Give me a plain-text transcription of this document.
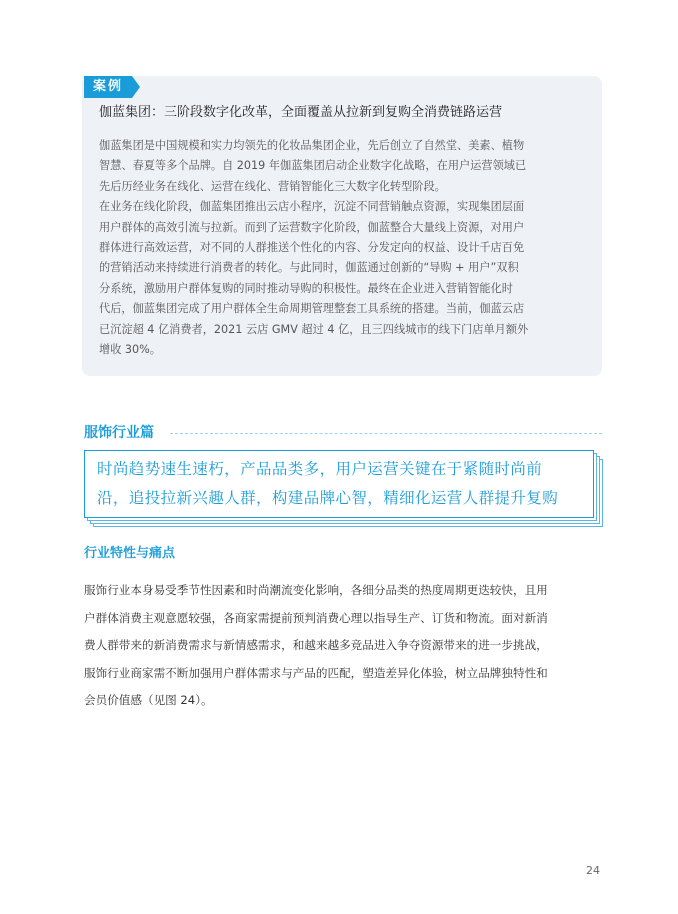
案例
伽蓝集团：三阶段数字化改革，全面覆盖从拉新到复购全消费链路运营

伽蓝集团是中国规模和实力均领先的化妆品集团企业，先后创立了自然堂、美素、植物

智慧、春夏等多个品牌。自 2019 年伽蓝集团启动企业数字化战略，在用户运营领域已

先后历经业务在线化、运营在线化、营销智能化三大数字化转型阶段。

在业务在线化阶段，伽蓝集团推出云店小程序，沉淀不同营销触点资源，实现集团层面

用户群体的高效引流与拉新。而到了运营数字化阶段，伽蓝整合大量线上资源，对用户

群体进行高效运营，对不同的人群推送个性化的内容、分发定向的权益、设计千店百免

的营销活动来持续进行消费者的转化。与此同时，伽蓝通过创新的“导购 + 用户”双积

分系统，激励用户群体复购的同时推动导购的积极性。最终在企业进入营销智能化时

代后，伽蓝集团完成了用户群体全生命周期管理整套工具系统的搭建。当前，伽蓝云店

已沉淀超 4 亿消费者，2021 云店 GMV 超过 4 亿，且三四线城市的线下门店单月额外

增收 30%。

服饰行业篇
时尚趋势速生速朽，产品品类多，用户运营关键在于紧随时尚前
沿，追投拉新兴趣人群，构建品牌心智，精细化运营人群提升复购
行业特性与痛点

服饰行业本身易受季节性因素和时尚潮流变化影响，各细分品类的热度周期更迭较快，且用

户群体消费主观意愿较强，各商家需提前预判消费心理以指导生产、订货和物流。面对新消

费人群带来的新消费需求与新情感需求，和越来越多竞品进入争夺资源带来的进一步挑战，

服饰行业商家需不断加强用户群体需求与产品的匹配，塑造差异化体验，树立品牌独特性和

会员价值感（见图 24）。

24
